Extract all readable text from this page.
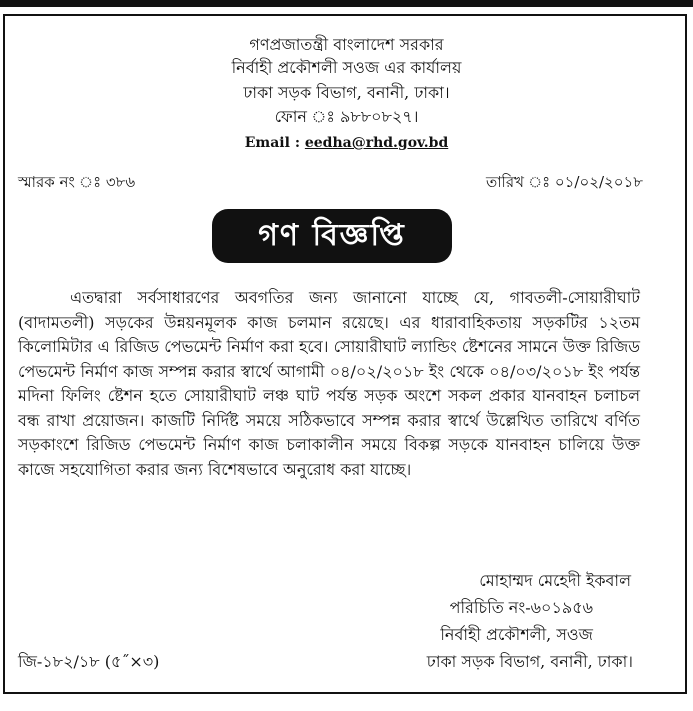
গণপ্রজাতন্ত্রী বাংলাদেশ সরকার
নির্বাহী প্রকৌশলী সওজ এর কার্যালয়
ঢাকা সড়ক বিভাগ, বনানী, ঢাকা।
ফোন ঃ ৯৮৮০৮২৭।
Email : eedha@rhd.gov.bd
স্মারক নং ঃ ৩৮৬	তারিখ ঃ ০১/০২/২০১৮
গণ বিজ্ঞপ্তি
এতদ্বারা সর্বসাধারণের অবগতির জন্য জানানো যাচ্ছে যে, গাবতলী-সোয়ারীঘাট (বাদামতলী) সড়কের উন্নয়নমূলক কাজ চলমান রয়েছে। এর ধারাবাহিকতায় সড়কটির ১২তম কিলোমিটার এ রিজিড পেভমেন্ট নির্মাণ করা হবে। সোয়ারীঘাট ল্যান্ডিং ষ্টেশনের সামনে উক্ত রিজিড পেভমেন্ট নির্মাণ কাজ সম্পন্ন করার স্বার্থে আগামী ০৪/০২/২০১৮ ইং থেকে ০৪/০৩/২০১৮ ইং পর্যন্ত মদিনা ফিলিং ষ্টেশন হতে সোয়ারীঘাট লঞ্চ ঘাট পর্যন্ত সড়ক অংশে সকল প্রকার যানবাহন চলাচল বন্ধ রাখা প্রয়োজন। কাজটি নির্দিষ্ট সময়ে সঠিকভাবে সম্পন্ন করার স্বার্থে উল্লেখিত তারিখে বর্ণিত সড়কাংশে রিজিড পেভমেন্ট নির্মাণ কাজ চলাকালীন সময়ে বিকল্প সড়কে যানবাহন চালিয়ে উক্ত কাজে সহযোগিতা করার জন্য বিশেষভাবে অনুরোধ করা যাচ্ছে।
মোহাম্মদ মেহেদী ইকবাল
পরিচিতি নং-৬০১৯৫৬
নির্বাহী প্রকৌশলী, সওজ
ঢাকা সড়ক বিভাগ, বনানী, ঢাকা।
জি-১৮২/১৮ (৫˝×৩)
